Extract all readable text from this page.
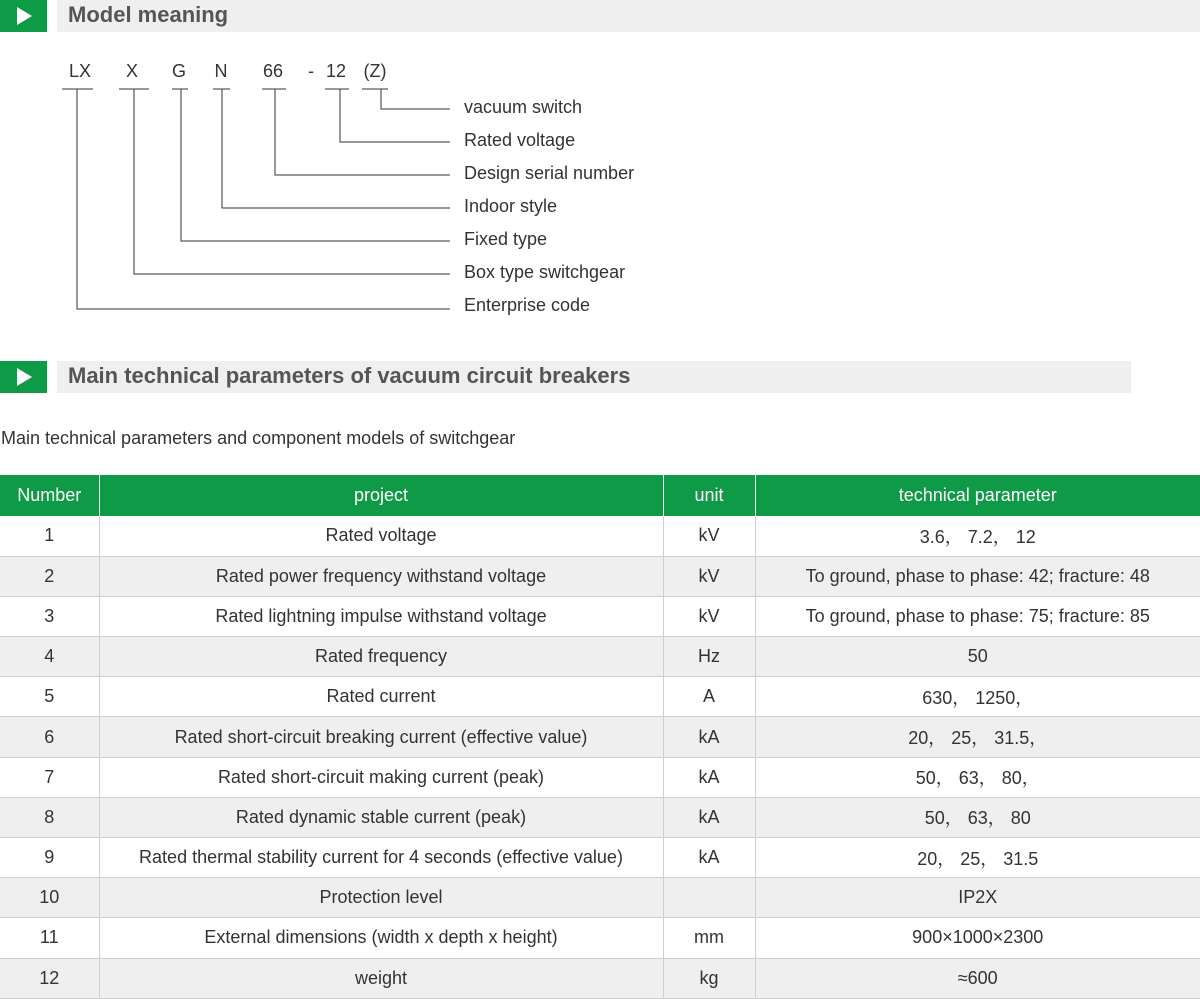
Model meaning
LX X G N 66 - 12 (Z)
vacuum switch
Rated voltage
Design serial number
Indoor style
Fixed type
Box type switchgear
Enterprise code
Main technical parameters of vacuum circuit breakers
Main technical parameters and component models of switchgear
Number	project	unit	technical parameter
1	Rated voltage	kV	3.6， 7.2， 12
2	Rated power frequency withstand voltage	kV	To ground, phase to phase: 42; fracture: 48
3	Rated lightning impulse withstand voltage	kV	To ground, phase to phase: 75; fracture: 85
4	Rated frequency	Hz	50
5	Rated current	A	630， 1250，
6	Rated short-circuit breaking current (effective value)	kA	20， 25， 31.5，
7	Rated short-circuit making current (peak)	kA	50， 63， 80，
8	Rated dynamic stable current (peak)	kA	50， 63， 80
9	Rated thermal stability current for 4 seconds (effective value)	kA	20， 25， 31.5
10	Protection level		IP2X
11	External dimensions (width x depth x height)	mm	900×1000×2300
12	weight	kg	≈600
